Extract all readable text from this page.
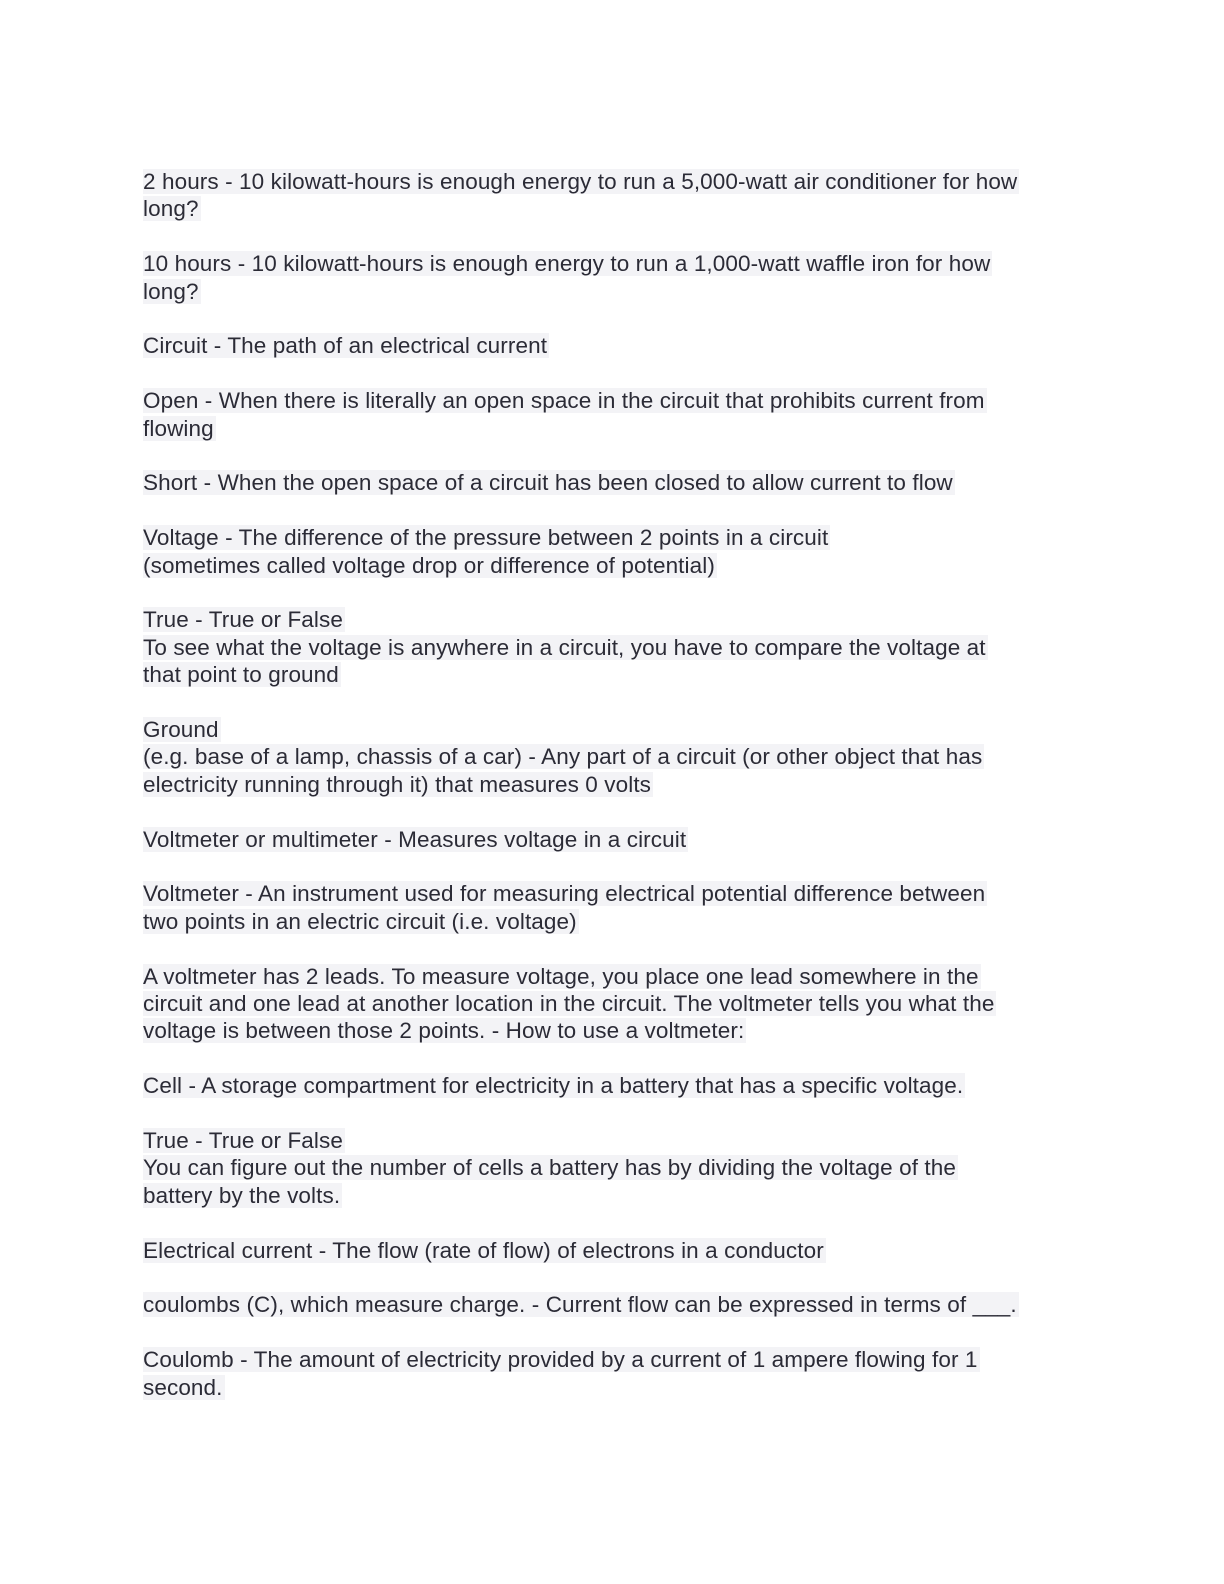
2 hours - 10 kilowatt-hours is enough energy to run a 5,000-watt air conditioner for how
long?
10 hours - 10 kilowatt-hours is enough energy to run a 1,000-watt waffle iron for how
long?
Circuit - The path of an electrical current
Open - When there is literally an open space in the circuit that prohibits current from
flowing
Short - When the open space of a circuit has been closed to allow current to flow
Voltage - The difference of the pressure between 2 points in a circuit
(sometimes called voltage drop or difference of potential)
True - True or False
To see what the voltage is anywhere in a circuit, you have to compare the voltage at
that point to ground
Ground
(e.g. base of a lamp, chassis of a car) - Any part of a circuit (or other object that has
electricity running through it) that measures 0 volts
Voltmeter or multimeter - Measures voltage in a circuit
Voltmeter - An instrument used for measuring electrical potential difference between
two points in an electric circuit (i.e. voltage)
A voltmeter has 2 leads. To measure voltage, you place one lead somewhere in the
circuit and one lead at another location in the circuit. The voltmeter tells you what the
voltage is between those 2 points. - How to use a voltmeter:
Cell - A storage compartment for electricity in a battery that has a specific voltage.
True - True or False
You can figure out the number of cells a battery has by dividing the voltage of the
battery by the volts.
Electrical current - The flow (rate of flow) of electrons in a conductor
coulombs (C), which measure charge. - Current flow can be expressed in terms of ___.
Coulomb - The amount of electricity provided by a current of 1 ampere flowing for 1
second.
